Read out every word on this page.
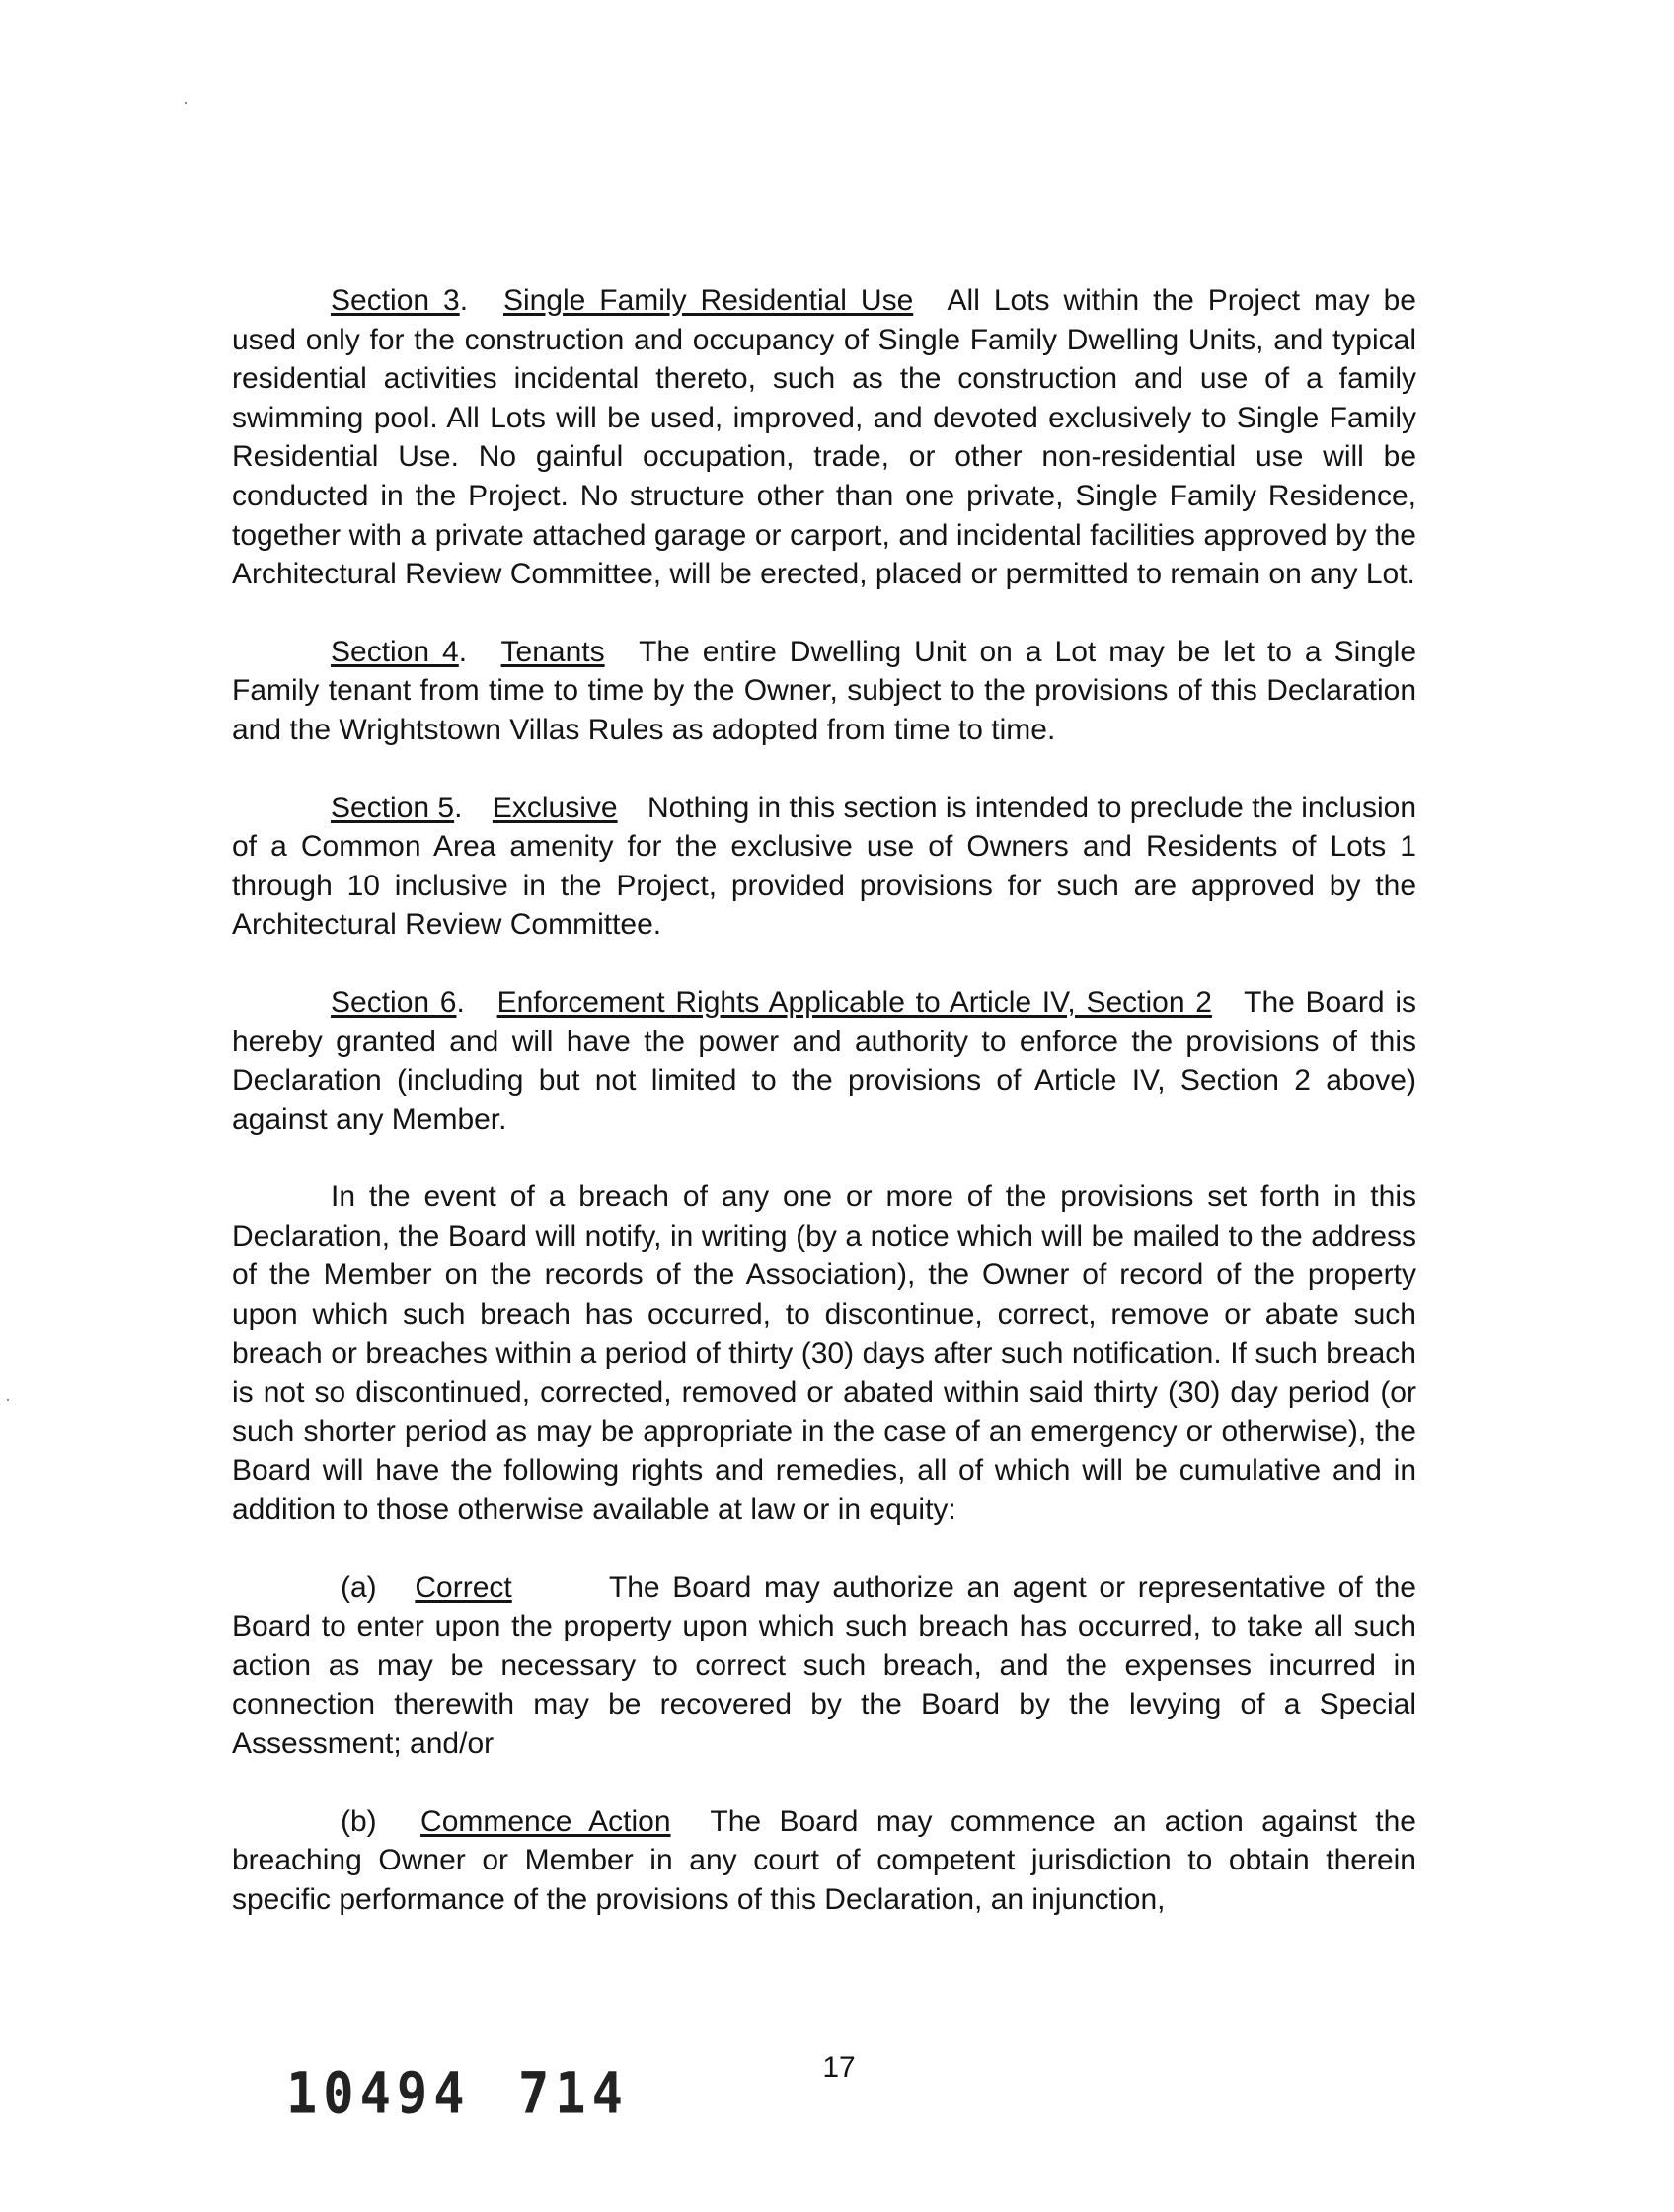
Section 3. Single Family Residential Use All Lots within the Project may be used only for the construction and occupancy of Single Family Dwelling Units, and typical residential activities incidental thereto, such as the construction and use of a family swimming pool. All Lots will be used, improved, and devoted exclusively to Single Family Residential Use. No gainful occupation, trade, or other non-residential use will be conducted in the Project. No structure other than one private, Single Family Residence, together with a private attached garage or carport, and incidental facilities approved by the Architectural Review Committee, will be erected, placed or permitted to remain on any Lot.

Section 4. Tenants The entire Dwelling Unit on a Lot may be let to a Single Family tenant from time to time by the Owner, subject to the provisions of this Declaration and the Wrightstown Villas Rules as adopted from time to time.

Section 5. Exclusive Nothing in this section is intended to preclude the inclusion of a Common Area amenity for the exclusive use of Owners and Residents of Lots 1 through 10 inclusive in the Project, provided provisions for such are approved by the Architectural Review Committee.

Section 6. Enforcement Rights Applicable to Article IV, Section 2 The Board is hereby granted and will have the power and authority to enforce the provisions of this Declaration (including but not limited to the provisions of Article IV, Section 2 above) against any Member.

In the event of a breach of any one or more of the provisions set forth in this Declaration, the Board will notify, in writing (by a notice which will be mailed to the address of the Member on the records of the Association), the Owner of record of the property upon which such breach has occurred, to discontinue, correct, remove or abate such breach or breaches within a period of thirty (30) days after such notification. If such breach is not so discontinued, corrected, removed or abated within said thirty (30) day period (or such shorter period as may be appropriate in the case of an emergency or otherwise), the Board will have the following rights and remedies, all of which will be cumulative and in addition to those otherwise available at law or in equity:

(a) Correct	The Board may authorize an agent or representative of the Board to enter upon the property upon which such breach has occurred, to take all such action as may be necessary to correct such breach, and the expenses incurred in connection therewith may be recovered by the Board by the levying of a Special Assessment; and/or

(b) Commence Action The Board may commence an action against the breaching Owner or Member in any court of competent jurisdiction to obtain therein specific performance of the provisions of this Declaration, an injunction,

17
10494 714
